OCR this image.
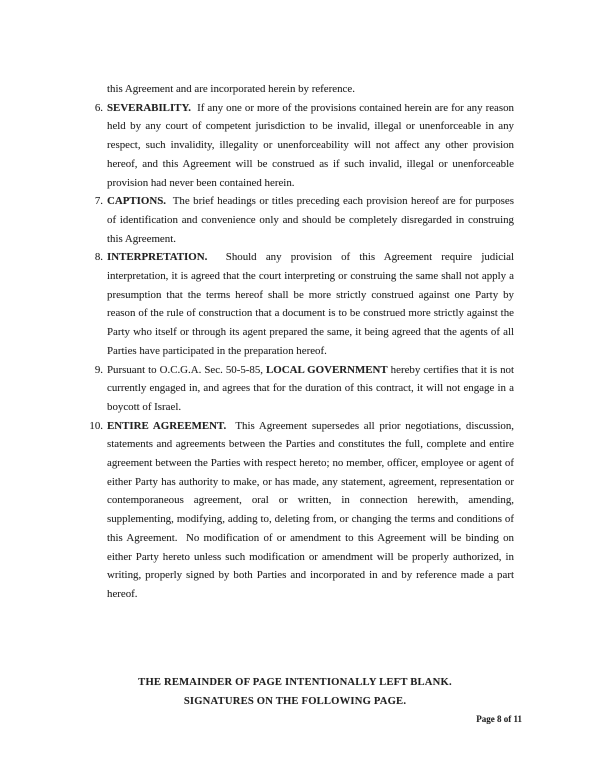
this Agreement and are incorporated herein by reference.

6. SEVERABILITY.  If any one or more of the provisions contained herein are for any reason held by any court of competent jurisdiction to be invalid, illegal or unenforceable in any respect, such invalidity, illegality or unenforceability will not affect any other provision hereof, and this Agreement will be construed as if such invalid, illegal or unenforceable provision had never been contained herein.
7. CAPTIONS.  The brief headings or titles preceding each provision hereof are for purposes of identification and convenience only and should be completely disregarded in construing this Agreement.
8. INTERPRETATION.  Should any provision of this Agreement require judicial interpretation, it is agreed that the court interpreting or construing the same shall not apply a presumption that the terms hereof shall be more strictly construed against one Party by reason of the rule of construction that a document is to be construed more strictly against the Party who itself or through its agent prepared the same, it being agreed that the agents of all Parties have participated in the preparation hereof.
9. Pursuant to O.C.G.A. Sec. 50-5-85, LOCAL GOVERNMENT hereby certifies that it is not currently engaged in, and agrees that for the duration of this contract, it will not engage in a boycott of Israel.
10. ENTIRE AGREEMENT.  This Agreement supersedes all prior negotiations, discussion, statements and agreements between the Parties and constitutes the full, complete and entire agreement between the Parties with respect hereto; no member, officer, employee or agent of either Party has authority to make, or has made, any statement, agreement, representation or contemporaneous agreement, oral or written, in connection herewith, amending, supplementing, modifying, adding to, deleting from, or changing the terms and conditions of this Agreement.  No modification of or amendment to this Agreement will be binding on either Party hereto unless such modification or amendment will be properly authorized, in writing, properly signed by both Parties and incorporated in and by reference made a part hereof.
THE REMAINDER OF PAGE INTENTIONALLY LEFT BLANK.
SIGNATURES ON THE FOLLOWING PAGE.
Page 8 of 11
